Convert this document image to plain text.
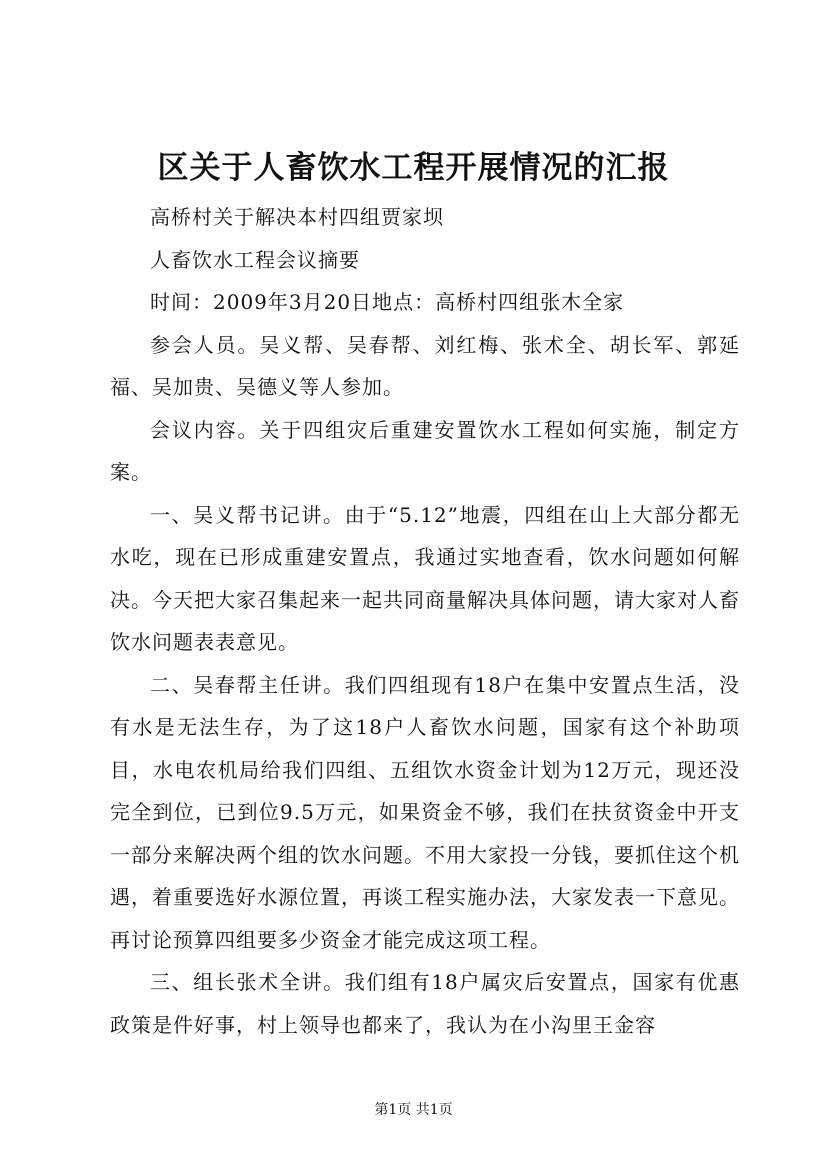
区关于人畜饮水工程开展情况的汇报

高桥村关于解决本村四组贾家坝

人畜饮水工程会议摘要

时间：2009年3月20日地点：高桥村四组张木全家

参会人员。吴义帮、吴春帮、刘红梅、张术全、胡长军、郭延福、吴加贵、吴德义等人参加。

会议内容。关于四组灾后重建安置饮水工程如何实施，制定方案。

一、吴义帮书记讲。由于“5.12”地震，四组在山上大部分都无水吃，现在已形成重建安置点，我通过实地查看，饮水问题如何解决。今天把大家召集起来一起共同商量解决具体问题，请大家对人畜饮水问题表表意见。

二、吴春帮主任讲。我们四组现有18户在集中安置点生活，没有水是无法生存，为了这18户人畜饮水问题，国家有这个补助项目，水电农机局给我们四组、五组饮水资金计划为12万元，现还没完全到位，已到位9.5万元，如果资金不够，我们在扶贫资金中开支一部分来解决两个组的饮水问题。不用大家投一分钱，要抓住这个机遇，着重要选好水源位置，再谈工程实施办法，大家发表一下意见。再讨论预算四组要多少资金才能完成这项工程。

三、组长张术全讲。我们组有18户属灾后安置点，国家有优惠政策是件好事，村上领导也都来了，我认为在小沟里王金容

第1页 共1页
